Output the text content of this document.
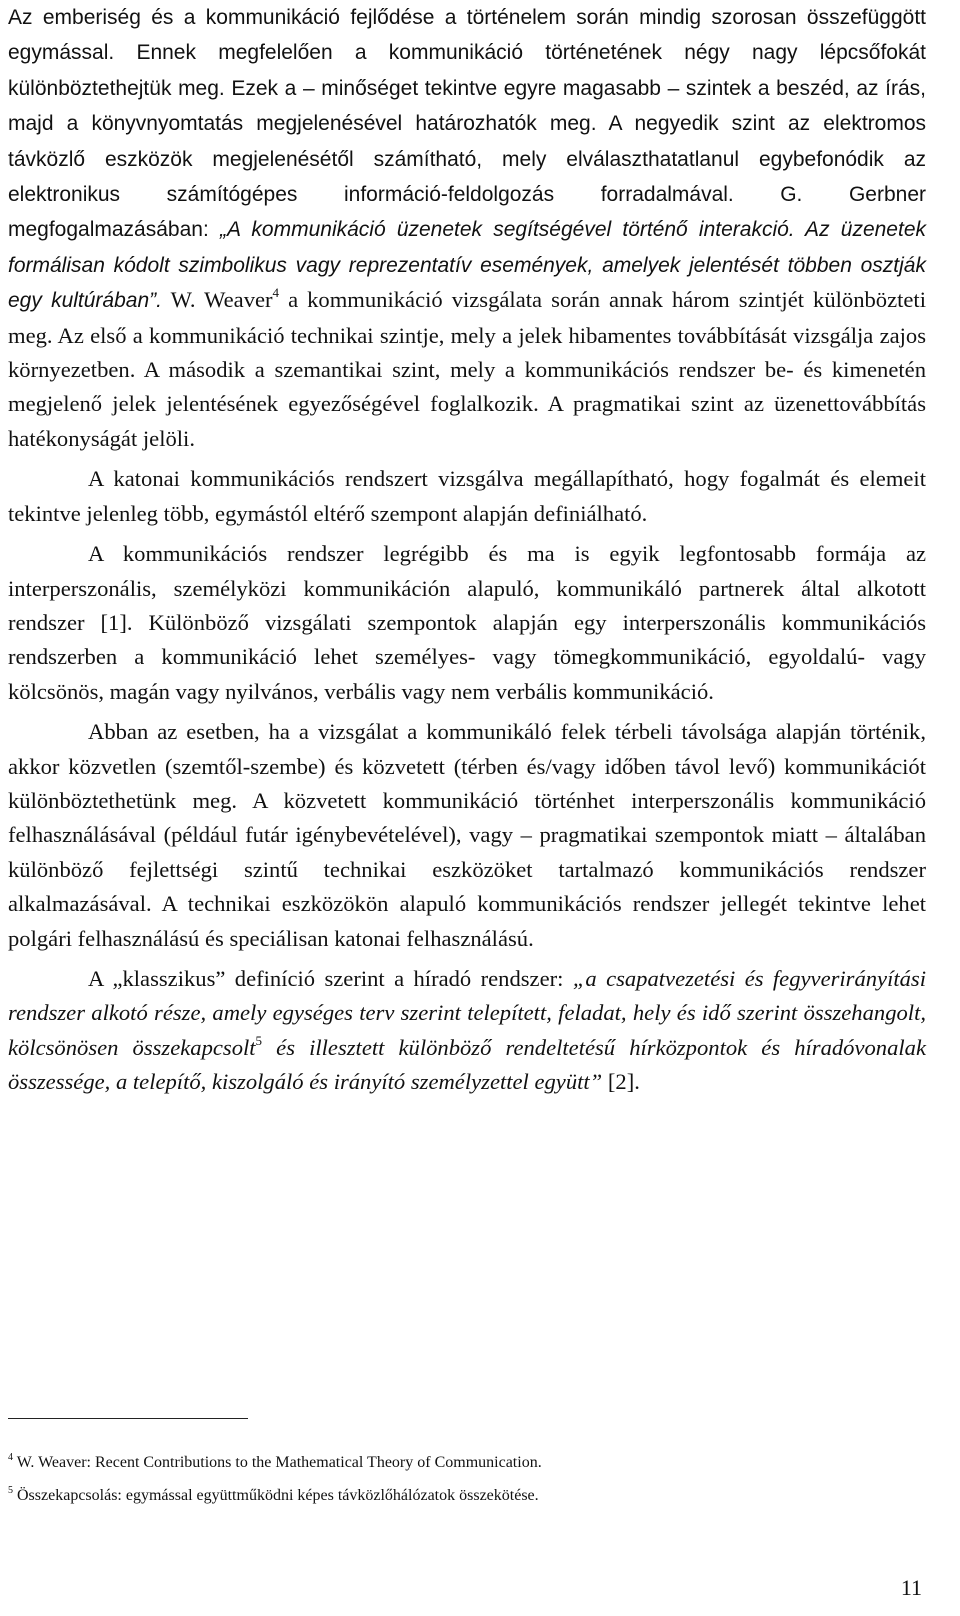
Az emberiség és a kommunikáció fejlődése a történelem során mindig szorosan összefüggött egymással. Ennek megfelelően a kommunikáció történetének négy nagy lépcsőfokát különböztethejtük meg. Ezek a – minőséget tekintve egyre magasabb – szintek a beszéd, az írás, majd a könyvnyomtatás megjelenésével határozhatók meg. A negyedik szint az elektromos távközlő eszközök megjelenésétől számítható, mely elválaszthatatlanul egybefonódik az elektronikus számítógépes információ-feldolgozás forradalmával. G. Gerbner megfogalmazásában: „A kommunikáció üzenetek segítségével történő interakció. Az üzenetek formálisan kódolt szimbolikus vagy reprezentatív események, amelyek jelentését többen osztják egy kultúrában”. W. Weaver$^4$ a kommunikáció vizsgálata során annak három szintjét különbözteti meg. Az első a kommunikáció technikai szintje, mely a jelek hibamentes továbbítását vizsgálja zajos környezetben. A második a szemantikai szint, mely a kommunikációs rendszer be- és kimenetén megjelenő jelek jelentésének egyezőségével foglalkozik. A pragmatikai szint az üzenettovábbítás hatékonyságát jelöli.

A katonai kommunikációs rendszert vizsgálva megállapítható, hogy fogalmát és elemeit tekintve jelenleg több, egymástól eltérő szempont alapján definiálható.

A kommunikációs rendszer legrégibb és ma is egyik legfontosabb formája az interperszonális, személyközi kommunikáción alapuló, kommunikáló partnerek által alkotott rendszer [1]. Különböző vizsgálati szempontok alapján egy interperszonális kommunikációs rendszerben a kommunikáció lehet személyes- vagy tömegkommunikáció, egyoldalú- vagy kölcsönös, magán vagy nyilvános, verbális vagy nem verbális kommunikáció.

Abban az esetben, ha a vizsgálat a kommunikáló felek térbeli távolsága alapján történik, akkor közvetlen (szemtől-szembe) és közvetett (térben és/vagy időben távol levő) kommunikációt különböztethetünk meg. A közvetett kommunikáció történhet interperszonális kommunikáció felhasználásával (például futár igénybevételével), vagy – pragmatikai szempontok miatt – általában különböző fejlettségi szintű technikai eszközöket tartalmazó kommunikációs rendszer alkalmazásával. A technikai eszközökön alapuló kommunikációs rendszer jellegét tekintve lehet polgári felhasználású és speciálisan katonai felhasználású.

A „klasszikus” definíció szerint a híradó rendszer: „a csapatvezetési és fegyverirányítási rendszer alkotó része, amely egységes terv szerint telepített, feladat, hely és idő szerint összehangolt, kölcsönösen összekapcsolt$^5$ és illesztett különböző rendeltetésű hírközpontok és híradóvonalak összessége, a telepítő, kiszolgáló és irányító személyzettel együtt” [2].

$^4$ W. Weaver: Recent Contributions to the Mathematical Theory of Communication.
$^5$ Összekapcsolás: egymással együttműködni képes távközlőhálózatok összekötése.
11
